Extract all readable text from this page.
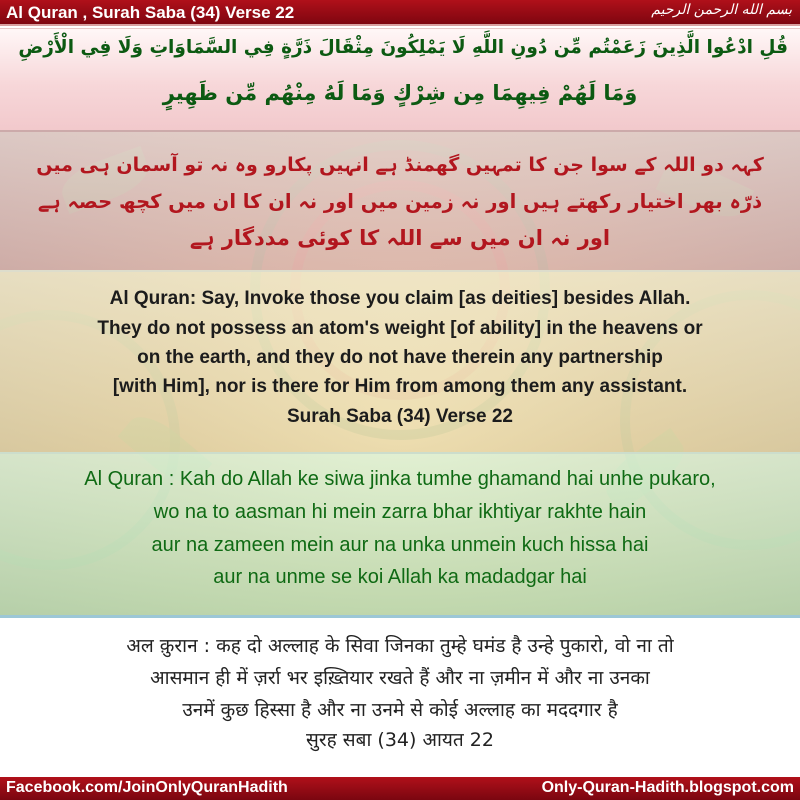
Al Quran , Surah Saba (34) Verse 22	بسم الله الرحمن الرحيم
قُلِ ادْعُوا الَّذِينَ زَعَمْتُم مِّن دُونِ اللَّهِ لَا يَمْلِكُونَ مِثْقَالَ ذَرَّةٍ فِي السَّمَاوَاتِ وَلَا فِي الْأَرْضِ
وَمَا لَهُمْ فِيهِمَا مِن شِرْكٍ وَمَا لَهُ مِنْهُم مِّن ظَهِيرٍ
کہہ دو اللہ کے سوا جن کا تمہیں گھمنڈ ہے انہیں پکارو وہ نہ تو آسمان ہی میں
ذرّہ بھر اختیار رکھتے ہیں اور نہ زمین میں اور نہ ان کا ان میں کچھ حصہ ہے
اور نہ ان میں سے اللہ کا کوئی مددگار ہے
Al Quran: Say, Invoke those you claim [as deities] besides Allah.
They do not possess an atom's weight [of ability] in the heavens or
on the earth, and they do not have therein any partnership
[with Him], nor is there for Him from among them any assistant.
Surah Saba (34) Verse 22
Al Quran : Kah do Allah ke siwa jinka tumhe ghamand hai unhe pukaro,
wo na to aasman hi mein zarra bhar ikhtiyar rakhte hain
aur na zameen mein aur na unka unmein kuch hissa hai
aur na unme se koi Allah ka madadgar hai
अल क़ुरान : कह दो अल्लाह के सिवा जिनका तुम्हे घमंड है उन्हे पुकारो, वो ना तो
आसमान ही में ज़र्रा भर इख़्तियार रखते हैं और ना ज़मीन में और ना उनका
उनमें कुछ हिस्सा है और ना उनमे से कोई अल्लाह का मददगार है
सुरह सबा (34) आयत 22
Facebook.com/JoinOnlyQuranHadith	Only-Quran-Hadith.blogspot.com
